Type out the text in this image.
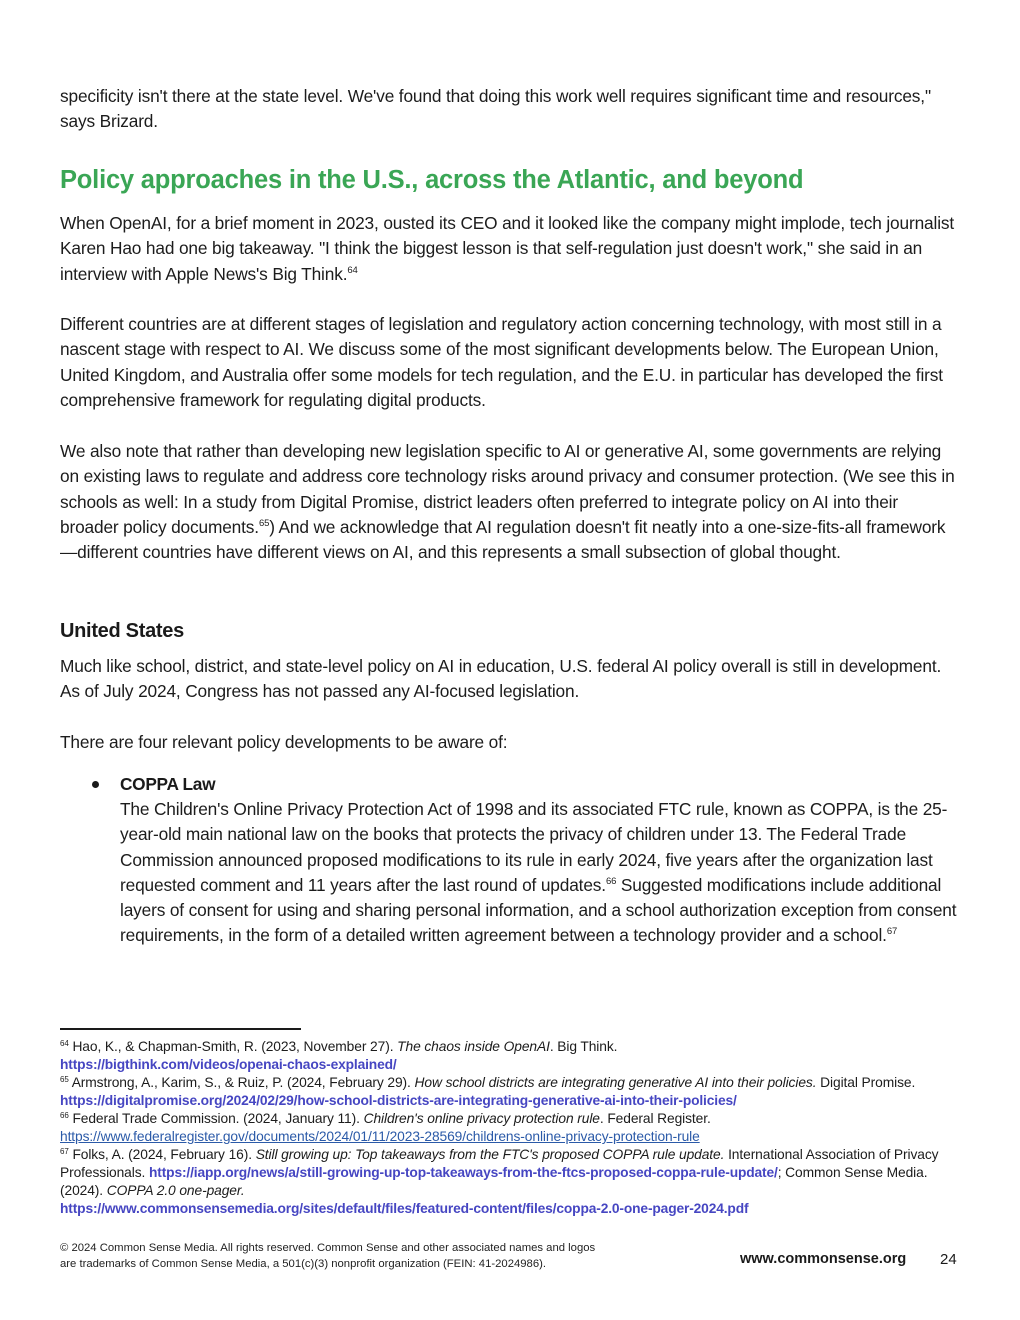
specificity isn't there at the state level. We've found that doing this work well requires significant time and resources," says Brizard.

Policy approaches in the U.S., across the Atlantic, and beyond

When OpenAI, for a brief moment in 2023, ousted its CEO and it looked like the company might implode, tech journalist Karen Hao had one big takeaway. "I think the biggest lesson is that self-regulation just doesn't work," she said in an interview with Apple News's Big Think.$^{64}$

Different countries are at different stages of legislation and regulatory action concerning technology, with most still in a nascent stage with respect to AI. We discuss some of the most significant developments below. The European Union, United Kingdom, and Australia offer some models for tech regulation, and the E.U. in particular has developed the first comprehensive framework for regulating digital products.

We also note that rather than developing new legislation specific to AI or generative AI, some governments are relying on existing laws to regulate and address core technology risks around privacy and consumer protection. (We see this in schools as well: In a study from Digital Promise, district leaders often preferred to integrate policy on AI into their broader policy documents.$^{65}$) And we acknowledge that AI regulation doesn't fit neatly into a one-size-fits-all framework—different countries have different views on AI, and this represents a small subsection of global thought.

United States

Much like school, district, and state-level policy on AI in education, U.S. federal AI policy overall is still in development. As of July 2024, Congress has not passed any AI-focused legislation.

There are four relevant policy developments to be aware of:

COPPA Law

The Children's Online Privacy Protection Act of 1998 and its associated FTC rule, known as COPPA, is the 25-year-old main national law on the books that protects the privacy of children under 13. The Federal Trade Commission announced proposed modifications to its rule in early 2024, five years after the organization last requested comment and 11 years after the last round of updates.$^{66}$ Suggested modifications include additional layers of consent for using and sharing personal information, and a school authorization exception from consent requirements, in the form of a detailed written agreement between a technology provider and a school.$^{67}$

$^{64}$ Hao, K., & Chapman-Smith, R. (2023, November 27). The chaos inside OpenAI. Big Think.
https://bigthink.com/videos/openai-chaos-explained/
$^{65}$ Armstrong, A., Karim, S., & Ruiz, P. (2024, February 29). How school districts are integrating generative AI into their policies. Digital Promise.
https://digitalpromise.org/2024/02/29/how-school-districts-are-integrating-generative-ai-into-their-policies/
$^{66}$ Federal Trade Commission. (2024, January 11). Children's online privacy protection rule. Federal Register.
https://www.federalregister.gov/documents/2024/01/11/2023-28569/childrens-online-privacy-protection-rule
$^{67}$ Folks, A. (2024, February 16). Still growing up: Top takeaways from the FTC's proposed COPPA rule update. International Association of Privacy Professionals. https://iapp.org/news/a/still-growing-up-top-takeaways-from-the-ftcs-proposed-coppa-rule-update/; Common Sense Media. (2024). COPPA 2.0 one-pager.
https://www.commonsensemedia.org/sites/default/files/featured-content/files/coppa-2.0-one-pager-2024.pdf
© 2024 Common Sense Media. All rights reserved. Common Sense and other associated names and logos
are trademarks of Common Sense Media, a 501(c)(3) nonprofit organization (FEIN: 41-2024986).	www.commonsense.org 24
